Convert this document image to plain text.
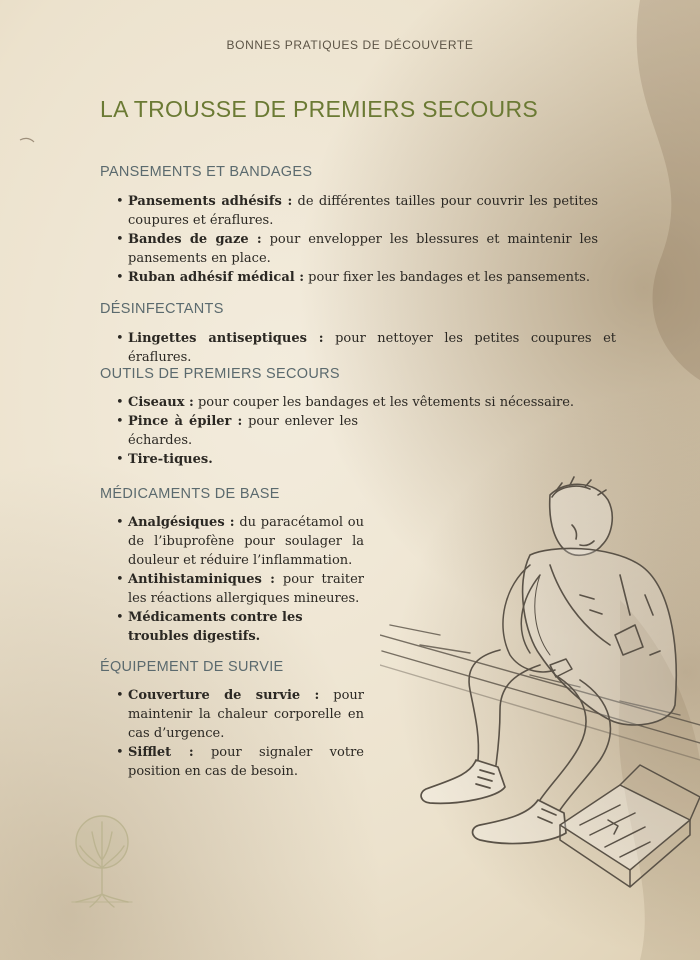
BONNES PRATIQUES DE DÉCOUVERTE
LA TROUSSE DE PREMIERS SECOURS
PANSEMENTS ET BANDAGES
• Pansements adhésifs : de différentes tailles pour couvrir les petites coupures et éraflures.
• Bandes de gaze : pour envelopper les blessures et maintenir les pansements en place.
• Ruban adhésif médical : pour fixer les bandages et les pansements.
DÉSINFECTANTS
• Lingettes antiseptiques : pour nettoyer les petites coupures et éraflures.
OUTILS DE PREMIERS SECOURS
• Ciseaux : pour couper les bandages et les vêtements si nécessaire.
• Pince à épiler : pour enlever les échardes.
• Tire-tiques.
MÉDICAMENTS DE BASE
• Analgésiques : du paracétamol ou de l’ibuprofène pour soulager la douleur et réduire l’inflammation.
• Antihistaminiques : pour traiter les réactions allergiques mineures.
• Médicaments contre les troubles digestifs.
ÉQUIPEMENT DE SURVIE
• Couverture de survie : pour maintenir la chaleur corporelle en cas d’urgence.
• Sifflet : pour signaler votre position en cas de besoin.
